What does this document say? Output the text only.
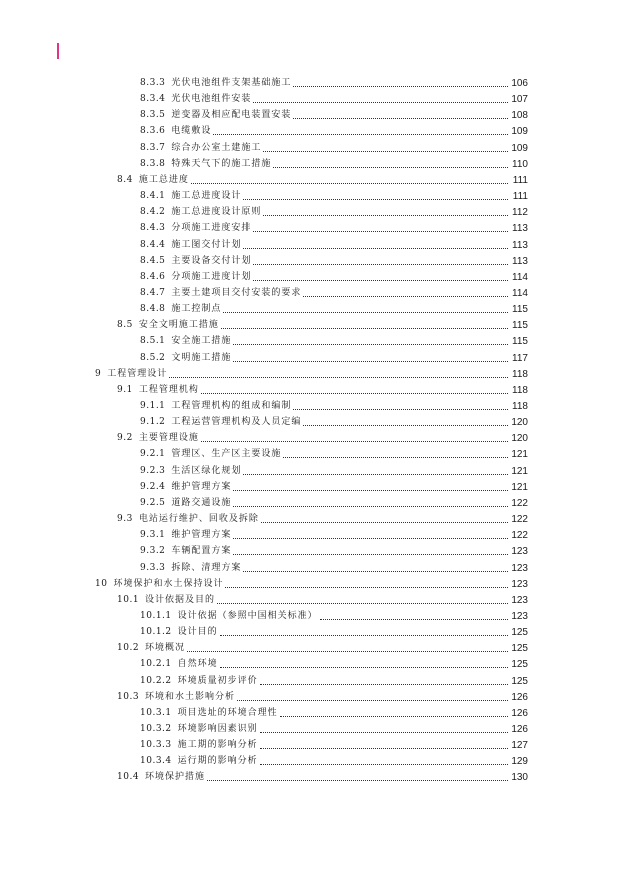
8.3.3 光伏电池组件支架基础施工	106
8.3.4 光伏电池组件安装	107
8.3.5 逆变器及相应配电装置安装	108
8.3.6 电缆敷设	109
8.3.7 综合办公室土建施工	109
8.3.8 特殊天气下的施工措施	110
8.4 施工总进度	111
8.4.1 施工总进度设计	111
8.4.2 施工总进度设计原则	112
8.4.3 分项施工进度安排	113
8.4.4 施工图交付计划	113
8.4.5 主要设备交付计划	113
8.4.6 分项施工进度计划	114
8.4.7 主要土建项目交付安装的要求	114
8.4.8 施工控制点	115
8.5 安全文明施工措施	115
8.5.1 安全施工措施	115
8.5.2 文明施工措施	117
9 工程管理设计	118
9.1 工程管理机构	118
9.1.1 工程管理机构的组成和编制	118
9.1.2 工程运营管理机构及人员定编	120
9.2 主要管理设施	120
9.2.1 管理区、生产区主要设施	121
9.2.3 生活区绿化规划	121
9.2.4 维护管理方案	121
9.2.5 道路交通设施	122
9.3 电站运行维护、回收及拆除	122
9.3.1 维护管理方案	122
9.3.2 车辆配置方案	123
9.3.3 拆除、清理方案	123
10 环境保护和水土保持设计	123
10.1 设计依据及目的	123
10.1.1 设计依据（参照中国相关标准）	123
10.1.2 设计目的	125
10.2 环境概况	125
10.2.1 自然环境	125
10.2.2 环境质量初步评价	125
10.3 环境和水土影响分析	126
10.3.1 项目选址的环境合理性	126
10.3.2 环境影响因素识别	126
10.3.3 施工期的影响分析	127
10.3.4 运行期的影响分析	129
10.4 环境保护措施	130
